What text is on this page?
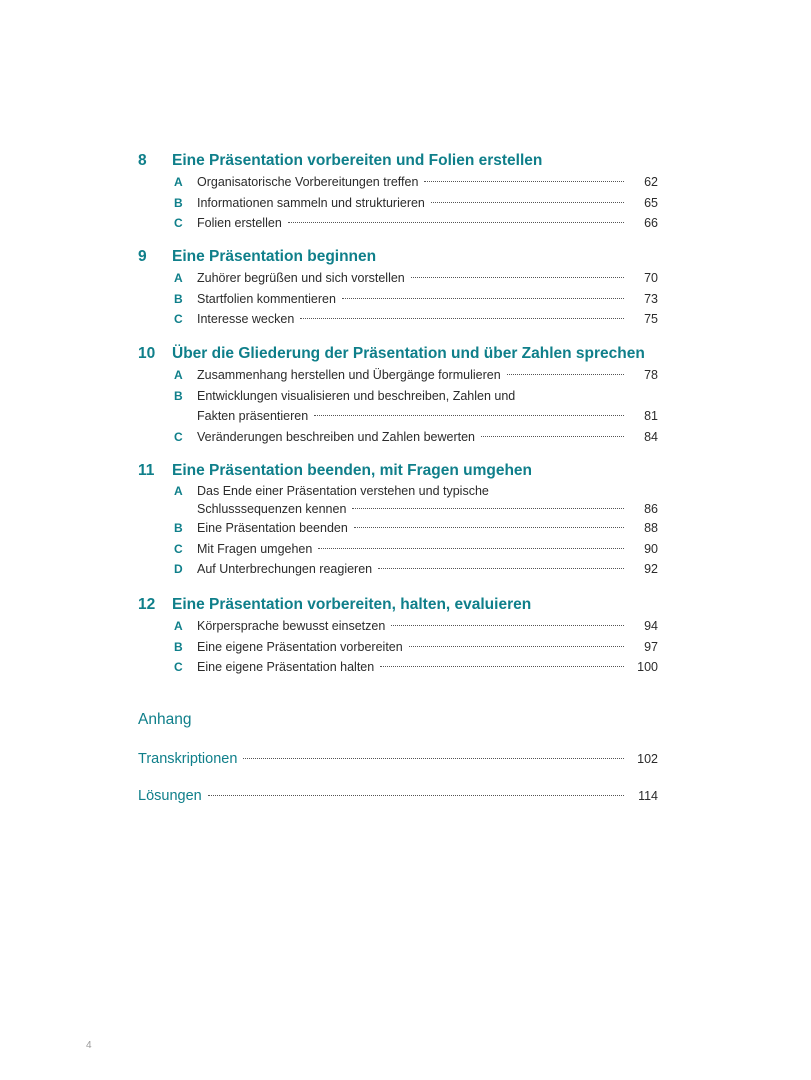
8	Eine Präsentation vorbereiten und Folien erstellen
A	Organisatorische Vorbereitungen treffen	62
B	Informationen sammeln und strukturieren	65
C	Folien erstellen	66
9	Eine Präsentation beginnen
A	Zuhörer begrüßen und sich vorstellen	70
B	Startfolien kommentieren	73
C	Interesse wecken	75
10	Über die Gliederung der Präsentation und über Zahlen sprechen
A	Zusammenhang herstellen und Übergänge formulieren	78
B	Entwicklungen visualisieren und beschreiben, Zahlen und
Fakten präsentieren	81
C	Veränderungen beschreiben und Zahlen bewerten	84
11	Eine Präsentation beenden, mit Fragen umgehen
A	Das Ende einer Präsentation verstehen und typische
Schlusssequenzen kennen	86
B	Eine Präsentation beenden	88
C	Mit Fragen umgehen	90
D	Auf Unterbrechungen reagieren	92
12	Eine Präsentation vorbereiten, halten, evaluieren
A	Körpersprache bewusst einsetzen	94
B	Eine eigene Präsentation vorbereiten	97
C	Eine eigene Präsentation halten	100
Anhang
Transkriptionen	102
Lösungen	114
4
